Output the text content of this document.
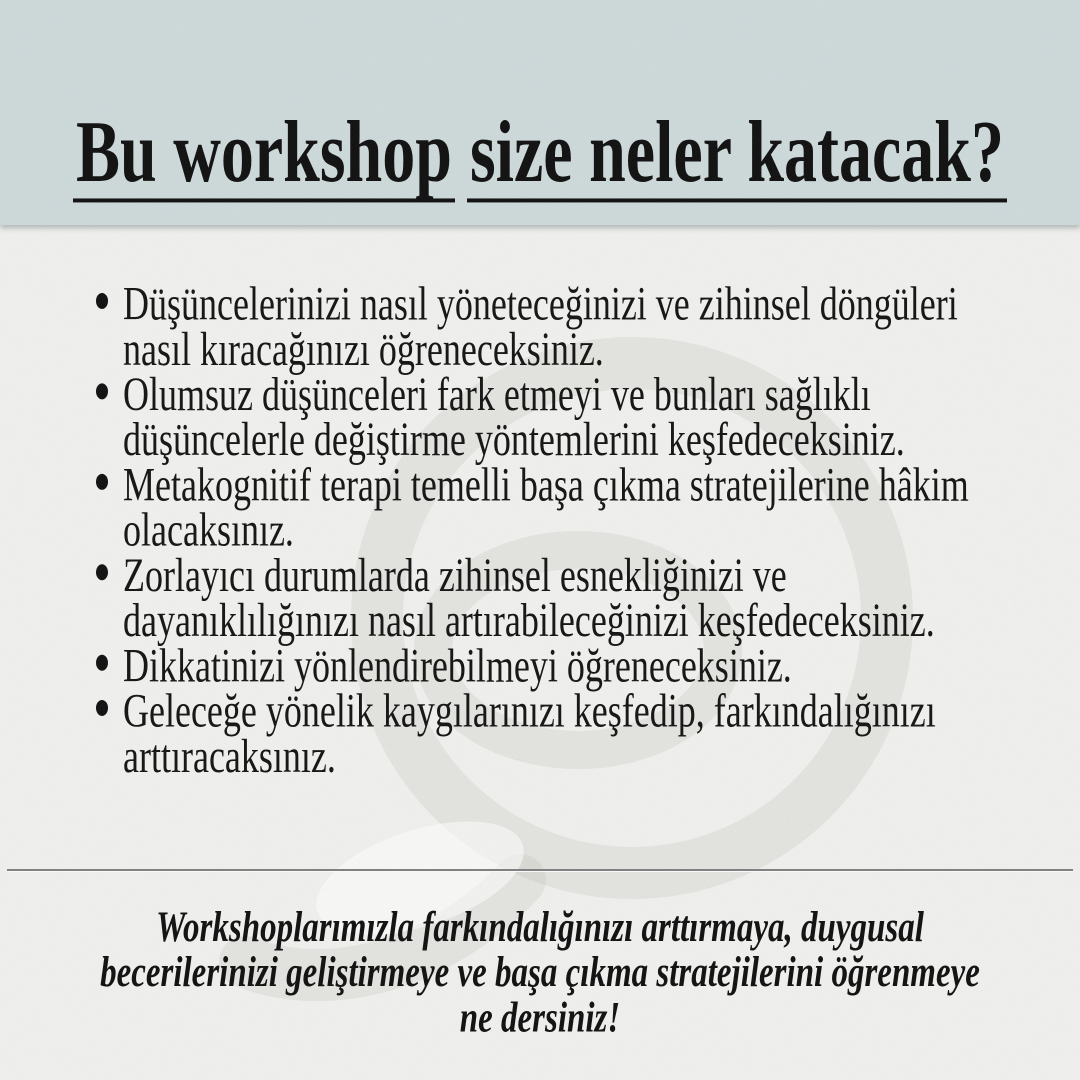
Bu workshop size neler katacak?
Düşüncelerinizi nasıl yöneteceğinizi ve zihinsel döngüleri nasıl kıracağınızı öğreneceksiniz.
Olumsuz düşünceleri fark etmeyi ve bunları sağlıklı düşüncelerle değiştirme yöntemlerini keşfedeceksiniz.
Metakognitif terapi temelli başa çıkma stratejilerine hâkim olacaksınız.
Zorlayıcı durumlarda zihinsel esnekliğinizi ve dayanıklılığınızı nasıl artırabileceğinizi keşfedeceksiniz.
Dikkatinizi yönlendirebilmeyi öğreneceksiniz.
Geleceğe yönelik kaygılarınızı keşfedip, farkındalığınızı arttıracaksınız.
Workshoplarımızla farkındalığınızı arttırmaya, duygusal becerilerinizi geliştirmeye ve başa çıkma stratejilerini öğrenmeye ne dersiniz!
